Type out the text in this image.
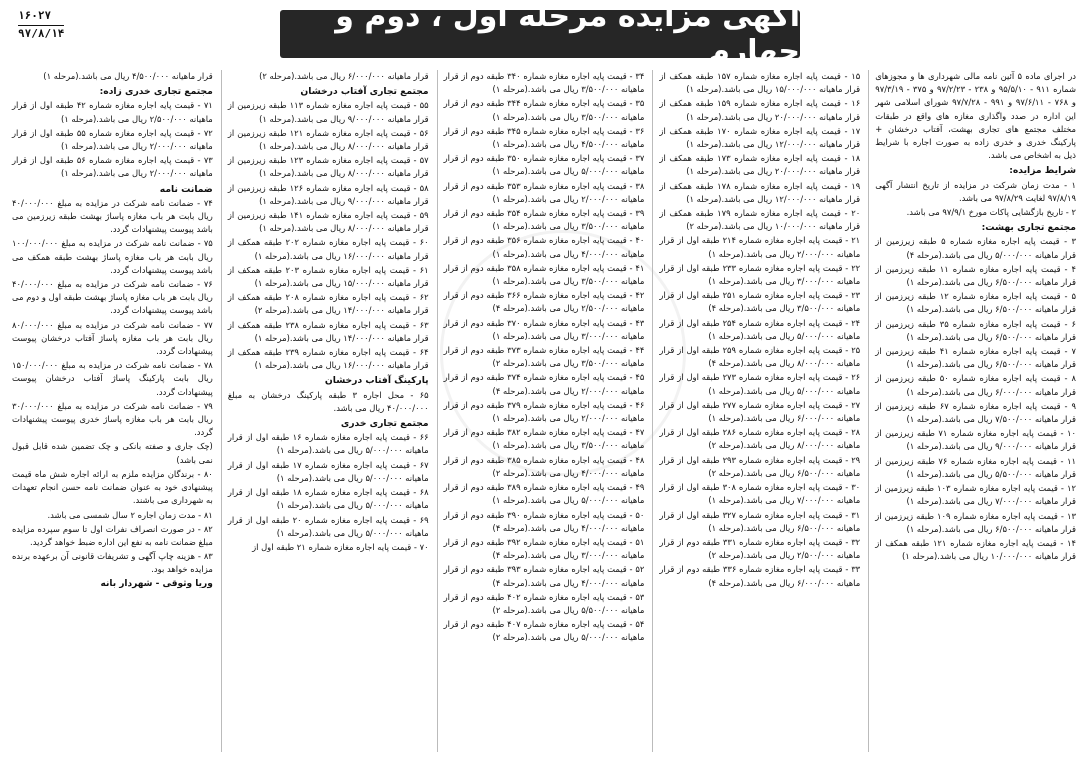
۱۶۰۲۷
۹۷/۸/۱۴	آگهی مزایده مرحله اول ، دوم و چهارم

در اجرای ماده ۵ آئین نامه مالی شهرداری ها و مجوزهای شماره ۹۱۱ - ۹۵/۵/۱۰ و ۲۳۸ - ۹۷/۲/۲۳ و ۳۷۵ - ۹۷/۳/۱۹ و ۷۶۸ - ۹۷/۶/۱۱ و ۹۹۱ - ۹۷/۷/۲۸ شورای اسلامی شهر این اداره در صدد واگذاری مغازه های واقع در طبقات مختلف مجتمع های تجاری بهشت، آفتاب درخشان + پارکینگ خدری و خدری زاده به صورت اجاره با شرایط ذیل به اشخاص می باشد.

شرایط مزایده:

۱ - مدت زمان شرکت در مزایده از تاریخ انتشار آگهی ۹۷/۸/۱۹ لغایت ۹۷/۸/۲۹ می باشد.

۲ - تاریخ بازگشایی پاکات مورخ ۹۷/۹/۱ می باشد.

مجتمع تجاری بهشت:

۳ - قیمت پایه اجاره مغازه شماره ۵ طبقه زیرزمین از قرار ماهیانه ۵/۰۰۰/۰۰۰ ریال می باشد.(مرحله ۴)

۴ - قیمت پایه اجاره مغازه شماره ۱۱ طبقه زیرزمین از قرار ماهیانه ۶/۵۰۰/۰۰۰ ریال می باشد.(مرحله ۱)

۵ - قیمت پایه اجاره مغازه شماره ۱۲ طبقه زیرزمین از قرار ماهیانه ۶/۵۰۰/۰۰۰ ریال می باشد.(مرحله ۱)

۶ - قیمت پایه اجاره مغازه شماره ۳۵ طبقه زیرزمین از قرار ماهیانه ۶/۵۰۰/۰۰۰ ریال می باشد.(مرحله ۱)

۷ - قیمت پایه اجاره مغازه شماره ۴۱ طبقه زیرزمین از قرار ماهیانه ۶/۵۰۰/۰۰۰ ریال می باشد.(مرحله ۱)

۸ - قیمت پایه اجاره مغازه شماره ۵۰ طبقه زیرزمین از قرار ماهیانه ۶/۰۰۰/۰۰۰ ریال می باشد.(مرحله ۱)

۹ - قیمت پایه اجاره مغازه شماره ۶۷ طبقه زیرزمین از قرار ماهیانه ۷/۵۰۰/۰۰۰ ریال می باشد.(مرحله ۱)

۱۰ - قیمت پایه اجاره مغازه شماره ۷۱ طبقه زیرزمین از قرار ماهیانه ۹/۰۰۰/۰۰۰ ریال می باشد.(مرحله ۱)

۱۱ - قیمت پایه اجاره مغازه شماره ۷۶ طبقه زیرزمین از قرار ماهیانه ۵/۵۰۰/۰۰۰ ریال می باشد.(مرحله ۱)

۱۲ - قیمت پایه اجاره مغازه شماره ۱۰۳ طبقه زیرزمین از قرار ماهیانه ۷/۰۰۰/۰۰۰ ریال می باشد.(مرحله ۱)

۱۳ - قیمت پایه اجاره مغازه شماره ۱۰۹ طبقه زیرزمین از قرار ماهیانه ۶/۵۰۰/۰۰۰ ریال می باشد.(مرحله ۱)

۱۴ - قیمت پایه اجاره مغازه شماره ۱۲۱ طبقه همکف از قرار ماهیانه ۱۰/۰۰۰/۰۰۰ ریال می باشد.(مرحله ۱)

۱۵ - قیمت پایه اجاره مغازه شماره ۱۵۷ طبقه همکف از قرار ماهیانه ۱۵/۰۰۰/۰۰۰ ریال می باشد.(مرحله ۱)

۱۶ - قیمت پایه اجاره مغازه شماره ۱۵۹ طبقه همکف از قرار ماهیانه ۲۰/۰۰۰/۰۰۰ ریال می باشد.(مرحله ۱)

۱۷ - قیمت پایه اجاره مغازه شماره ۱۷۰ طبقه همکف از قرار ماهیانه ۱۲/۰۰۰/۰۰۰ ریال می باشد.(مرحله ۱)

۱۸ - قیمت پایه اجاره مغازه شماره ۱۷۳ طبقه همکف از قرار ماهیانه ۲۰/۰۰۰/۰۰۰ ریال می باشد.(مرحله ۱)

۱۹ - قیمت پایه اجاره مغازه شماره ۱۷۸ طبقه همکف از قرار ماهیانه ۱۲/۰۰۰/۰۰۰ ریال می باشد.(مرحله ۱)

۲۰ - قیمت پایه اجاره مغازه شماره ۱۷۹ طبقه همکف از قرار ماهیانه ۱۰/۰۰۰/۰۰۰ ریال می باشد.(مرحله ۲)

۲۱ - قیمت پایه اجاره مغازه شماره ۲۱۴ طبقه اول از قرار ماهیانه ۲/۰۰۰/۰۰۰ ریال می باشد.(مرحله ۱)

۲۲ - قیمت پایه اجاره مغازه شماره ۲۳۳ طبقه اول از قرار ماهیانه ۳/۰۰۰/۰۰۰ ریال می باشد.(مرحله ۱)

۲۳ - قیمت پایه اجاره مغازه شماره ۲۵۱ طبقه اول از قرار ماهیانه ۳/۵۰۰/۰۰۰ ریال می باشد.(مرحله ۴)

۲۴ - قیمت پایه اجاره مغازه شماره ۲۵۴ طبقه اول از قرار ماهیانه ۵/۰۰۰/۰۰۰ ریال می باشد.(مرحله ۱)

۲۵ - قیمت پایه اجاره مغازه شماره ۲۵۹ طبقه اول از قرار ماهیانه ۸/۰۰۰/۰۰۰ ریال می باشد.(مرحله ۴)

۲۶ - قیمت پایه اجاره مغازه شماره ۲۷۳ طبقه اول از قرار ماهیانه ۵/۰۰۰/۰۰۰ ریال می باشد.(مرحله ۱)

۲۷ - قیمت پایه اجاره مغازه شماره ۲۷۷ طبقه اول از قرار ماهیانه ۶/۰۰۰/۰۰۰ ریال می باشد.(مرحله ۱)

۲۸ - قیمت پایه اجاره مغازه شماره ۲۸۶ طبقه اول از قرار ماهیانه ۸/۰۰۰/۰۰۰ ریال می باشد.(مرحله ۲)

۲۹ - قیمت پایه اجاره مغازه شماره ۲۹۳ طبقه اول از قرار ماهیانه ۶/۵۰۰/۰۰۰ ریال می باشد.(مرحله ۲)

۳۰ - قیمت پایه اجاره مغازه شماره ۳۰۸ طبقه اول از قرار ماهیانه ۷/۰۰۰/۰۰۰ ریال می باشد.(مرحله ۱)

۳۱ - قیمت پایه اجاره مغازه شماره ۳۲۷ طبقه اول از قرار ماهیانه ۶/۵۰۰/۰۰۰ ریال می باشد.(مرحله ۱)

۳۲ - قیمت پایه اجاره مغازه شماره ۳۳۱ طبقه دوم از قرار ماهیانه ۲/۵۰۰/۰۰۰ ریال می باشد.(مرحله ۲)

۳۳ - قیمت پایه اجاره مغازه شماره ۳۳۶ طبقه دوم از قرار ماهیانه ۶/۰۰۰/۰۰۰ ریال می باشد.(مرحله ۴)

۳۴ - قیمت پایه اجاره مغازه شماره ۳۴۰ طبقه دوم از قرار ماهیانه ۳/۵۰۰/۰۰۰ ریال می باشد.(مرحله ۱)

۳۵ - قیمت پایه اجاره مغازه شماره ۳۴۴ طبقه دوم از قرار ماهیانه ۳/۵۰۰/۰۰۰ ریال می باشد.(مرحله ۱)

۳۶ - قیمت پایه اجاره مغازه شماره ۳۴۵ طبقه دوم از قرار ماهیانه ۴/۵۰۰/۰۰۰ ریال می باشد.(مرحله ۱)

۳۷ - قیمت پایه اجاره مغازه شماره ۳۵۰ طبقه دوم از قرار ماهیانه ۵/۰۰۰/۰۰۰ ریال می باشد.(مرحله ۱)

۳۸ - قیمت پایه اجاره مغازه شماره ۳۵۳ طبقه دوم از قرار ماهیانه ۲/۰۰۰/۰۰۰ ریال می باشد.(مرحله ۱)

۳۹ - قیمت پایه اجاره مغازه شماره ۳۵۴ طبقه دوم از قرار ماهیانه ۳/۵۰۰/۰۰۰ ریال می باشد.(مرحله ۱)

۴۰ - قیمت پایه اجاره مغازه شماره ۳۵۶ طبقه دوم از قرار ماهیانه ۴/۰۰۰/۰۰۰ ریال می باشد.(مرحله ۱)

۴۱ - قیمت پایه اجاره مغازه شماره ۳۵۸ طبقه دوم از قرار ماهیانه ۳/۵۰۰/۰۰۰ ریال می باشد.(مرحله ۱)

۴۲ - قیمت پایه اجاره مغازه شماره ۳۶۶ طبقه دوم از قرار ماهیانه ۲/۵۰۰/۰۰۰ ریال می باشد.(مرحله ۴)

۴۳ - قیمت پایه اجاره مغازه شماره ۳۷۰ طبقه دوم از قرار ماهیانه ۳/۰۰۰/۰۰۰ ریال می باشد.(مرحله ۱)

۴۴ - قیمت پایه اجاره مغازه شماره ۳۷۳ طبقه دوم از قرار ماهیانه ۳/۵۰۰/۰۰۰ ریال می باشد.(مرحله ۲)

۴۵ - قیمت پایه اجاره مغازه شماره ۳۷۴ طبقه دوم از قرار ماهیانه ۲/۰۰۰/۰۰۰ ریال می باشد.(مرحله ۴)

۴۶ - قیمت پایه اجاره مغازه شماره ۳۷۹ طبقه دوم از قرار ماهیانه ۲/۰۰۰/۰۰۰ ریال می باشد.(مرحله ۱)

۴۷ - قیمت پایه اجاره مغازه شماره ۳۸۲ طبقه دوم از قرار ماهیانه ۳/۵۰۰/۰۰۰ ریال می باشد.(مرحله ۱)

۴۸ - قیمت پایه اجاره مغازه شماره ۳۸۵ طبقه دوم از قرار ماهیانه ۴/۰۰۰/۰۰۰ ریال می باشد.(مرحله ۲)

۴۹ - قیمت پایه اجاره مغازه شماره ۳۸۹ طبقه دوم از قرار ماهیانه ۵/۰۰۰/۰۰۰ ریال می باشد.(مرحله ۱)

۵۰ - قیمت پایه اجاره مغازه شماره ۳۹۰ طبقه دوم از قرار ماهیانه ۴/۰۰۰/۰۰۰ ریال می باشد.(مرحله ۴)

۵۱ - قیمت پایه اجاره مغازه شماره ۳۹۲ طبقه دوم از قرار ماهیانه ۳/۰۰۰/۰۰۰ ریال می باشد.(مرحله ۴)

۵۲ - قیمت پایه اجاره مغازه شماره ۳۹۳ طبقه دوم از قرار ماهیانه ۴/۰۰۰/۰۰۰ ریال می باشد.(مرحله ۴)

۵۳ - قیمت پایه اجاره مغازه شماره ۴۰۲ طبقه دوم از قرار ماهیانه ۵/۵۰۰/۰۰۰ ریال می باشد.(مرحله ۲)

۵۴ - قیمت پایه اجاره مغازه شماره ۴۰۷ طبقه دوم از قرار ماهیانه ۵/۰۰۰/۰۰۰ ریال می باشد.(مرحله ۲)

قرار ماهیانه ۶/۰۰۰/۰۰۰ ریال می باشد.(مرحله ۲)

مجتمع تجاری آفتاب درخشان

۵۵ - قیمت پایه اجاره مغازه شماره ۱۱۳ طبقه زیرزمین از قرار ماهیانه ۹/۰۰۰/۰۰۰ ریال می باشد.(مرحله ۱)

۵۶ - قیمت پایه اجاره مغازه شماره ۱۲۱ طبقه زیرزمین از قرار ماهیانه ۸/۰۰۰/۰۰۰ ریال می باشد.(مرحله ۱)

۵۷ - قیمت پایه اجاره مغازه شماره ۱۲۳ طبقه زیرزمین از قرار ماهیانه ۸/۰۰۰/۰۰۰ ریال می باشد.(مرحله ۱)

۵۸ - قیمت پایه اجاره مغازه شماره ۱۲۶ طبقه زیرزمین از قرار ماهیانه ۹/۰۰۰/۰۰۰ ریال می باشد.(مرحله ۱)

۵۹ - قیمت پایه اجاره مغازه شماره ۱۴۱ طبقه زیرزمین از قرار ماهیانه ۸/۰۰۰/۰۰۰ ریال می باشد.(مرحله ۱)

۶۰ - قیمت پایه اجاره مغازه شماره ۲۰۲ طبقه همکف از قرار ماهیانه ۱۶/۰۰۰/۰۰۰ ریال می باشد.(مرحله ۱)

۶۱ - قیمت پایه اجاره مغازه شماره ۲۰۳ طبقه همکف از قرار ماهیانه ۱۵/۰۰۰/۰۰۰ ریال می باشد.(مرحله ۱)

۶۲ - قیمت پایه اجاره مغازه شماره ۲۰۸ طبقه همکف از قرار ماهیانه ۱۴/۰۰۰/۰۰۰ ریال می باشد.(مرحله ۲)

۶۳ - قیمت پایه اجاره مغازه شماره ۲۳۸ طبقه همکف از قرار ماهیانه ۱۴/۰۰۰/۰۰۰ ریال می باشد.(مرحله ۱)

۶۴ - قیمت پایه اجاره مغازه شماره ۲۳۹ طبقه همکف از قرار ماهیانه ۱۶/۰۰۰/۰۰۰ ریال می باشد.(مرحله ۱)

پارکینگ آفتاب درخشان

۶۵ - محل اجاره ۳ طبقه پارکینگ درخشان به مبلغ ۴۰/۰۰۰/۰۰۰ ریال می باشد.

مجتمع تجاری خدری

۶۶ - قیمت پایه اجاره مغازه شماره ۱۶ طبقه اول از قرار ماهیانه ۵/۰۰۰/۰۰۰ ریال می باشد.(مرحله ۱)

۶۷ - قیمت پایه اجاره مغازه شماره ۱۷ طبقه اول از قرار ماهیانه ۵/۰۰۰/۰۰۰ ریال می باشد.(مرحله ۱)

۶۸ - قیمت پایه اجاره مغازه شماره ۱۸ طبقه اول از قرار ماهیانه ۵/۰۰۰/۰۰۰ ریال می باشد.(مرحله ۱)

۶۹ - قیمت پایه اجاره مغازه شماره ۲۰ طبقه اول از قرار ماهیانه ۵/۰۰۰/۰۰۰ ریال می باشد.(مرحله ۱)

۷۰ - قیمت پایه اجاره مغازه شماره ۲۱ طبقه اول از

قرار ماهیانه ۴/۵۰۰/۰۰۰ ریال می باشد.(مرحله ۱)

مجتمع تجاری خدری زاده:

۷۱ - قیمت پایه اجاره مغازه شماره ۴۲ طبقه اول از قرار ماهیانه ۲/۵۰۰/۰۰۰ ریال می باشد.(مرحله ۱)

۷۲ - قیمت پایه اجاره مغازه شماره ۵۵ طبقه اول از قرار ماهیانه ۲/۰۰۰/۰۰۰ ریال می باشد.(مرحله ۱)

۷۳ - قیمت پایه اجاره مغازه شماره ۵۶ طبقه اول از قرار ماهیانه ۲/۰۰۰/۰۰۰ ریال می باشد.(مرحله ۱)

ضمانت نامه

۷۴ - ضمانت نامه شرکت در مزایده به مبلغ ۴۰/۰۰۰/۰۰۰ ریال بابت هر باب مغازه پاساژ بهشت طبقه زیرزمین می باشد پیوست پیشنهادات گردد.

۷۵ - ضمانت نامه شرکت در مزایده به مبلغ ۱۰۰/۰۰۰/۰۰۰ ریال بابت هر باب مغازه پاساژ بهشت طبقه همکف می باشد پیوست پیشنهادات گردد.

۷۶ - ضمانت نامه شرکت در مزایده به مبلغ ۴۰/۰۰۰/۰۰۰ ریال بابت هر باب مغازه پاساژ بهشت طبقه اول و دوم می باشد پیوست پیشنهادات گردد.

۷۷ - ضمانت نامه شرکت در مزایده به مبلغ ۸۰/۰۰۰/۰۰۰ ریال بابت هر باب مغازه پاساژ آفتاب درخشان پیوست پیشنهادات گردد.

۷۸ - ضمانت نامه شرکت در مزایده به مبلغ ۱۵۰/۰۰۰/۰۰۰ ریال بابت پارکینگ پاساژ آفتاب درخشان پیوست پیشنهادات گردد.

۷۹ - ضمانت نامه شرکت در مزایده به مبلغ ۳۰/۰۰۰/۰۰۰ ریال بابت هر باب مغازه پاساژ خدری پیوست پیشنهادات گردد.

(چک جاری و صفته بانکی و چک تضمین شده قابل قبول نمی باشد)

۸۰ - برندگان مزایده ملزم به ارائه اجاره شش ماه قیمت پیشنهادی خود به عنوان ضمانت نامه حسن انجام تعهدات به شهرداری می باشند.

۸۱ - مدت زمان اجاره ۲ سال شمسی می باشد.

۸۲ - در صورت انصراف نفرات اول تا سوم سپرده مزایده مبلغ ضمانت نامه به نفع این اداره ضبط خواهد گردید.

۸۳ - هزینه چاپ آگهی و تشریفات قانونی آن برعهده برنده مزایده خواهد بود.

وریا وثوقی - شهردار بانه
